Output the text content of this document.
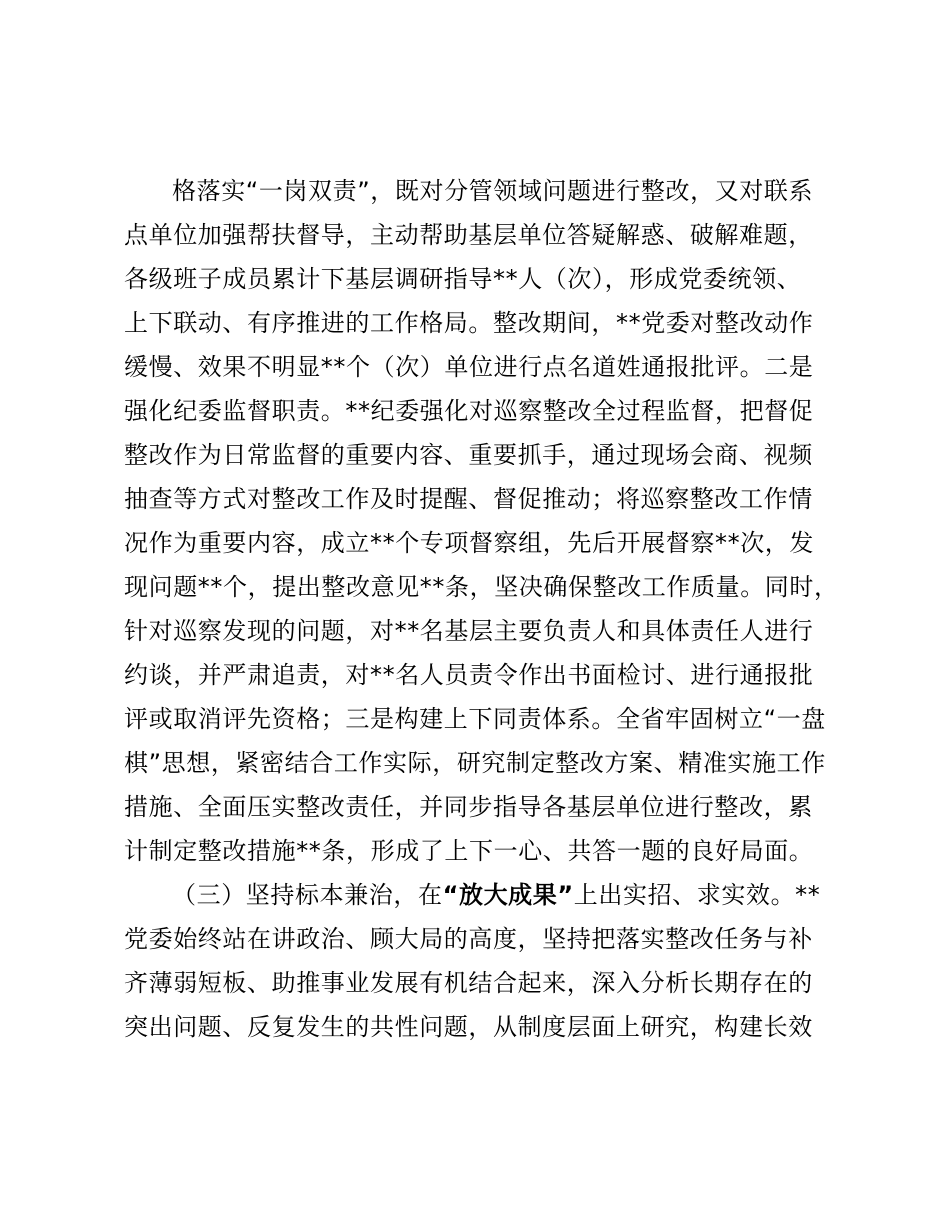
格落实“一岗双责”，既对分管领域问题进行整改，又对联系
点单位加强帮扶督导，主动帮助基层单位答疑解惑、破解难题，
各级班子成员累计下基层调研指导**人（次），形成党委统领、
上下联动、有序推进的工作格局。整改期间，**党委对整改动作
缓慢、效果不明显**个（次）单位进行点名道姓通报批评。二是
强化纪委监督职责。**纪委强化对巡察整改全过程监督，把督促
整改作为日常监督的重要内容、重要抓手，通过现场会商、视频
抽查等方式对整改工作及时提醒、督促推动；将巡察整改工作情
况作为重要内容，成立**个专项督察组，先后开展督察**次，发
现问题**个，提出整改意见**条，坚决确保整改工作质量。同时，
针对巡察发现的问题，对**名基层主要负责人和具体责任人进行
约谈，并严肃追责，对**名人员责令作出书面检讨、进行通报批
评或取消评先资格；三是构建上下同责体系。全省牢固树立“一盘
棋”思想，紧密结合工作实际，研究制定整改方案、精准实施工作
措施、全面压实整改责任，并同步指导各基层单位进行整改，累
计制定整改措施**条，形成了上下一心、共答一题的良好局面。
（三）坚持标本兼治，在“放大成果”上出实招、求实效。**
党委始终站在讲政治、顾大局的高度，坚持把落实整改任务与补
齐薄弱短板、助推事业发展有机结合起来，深入分析长期存在的
突出问题、反复发生的共性问题，从制度层面上研究，构建长效
